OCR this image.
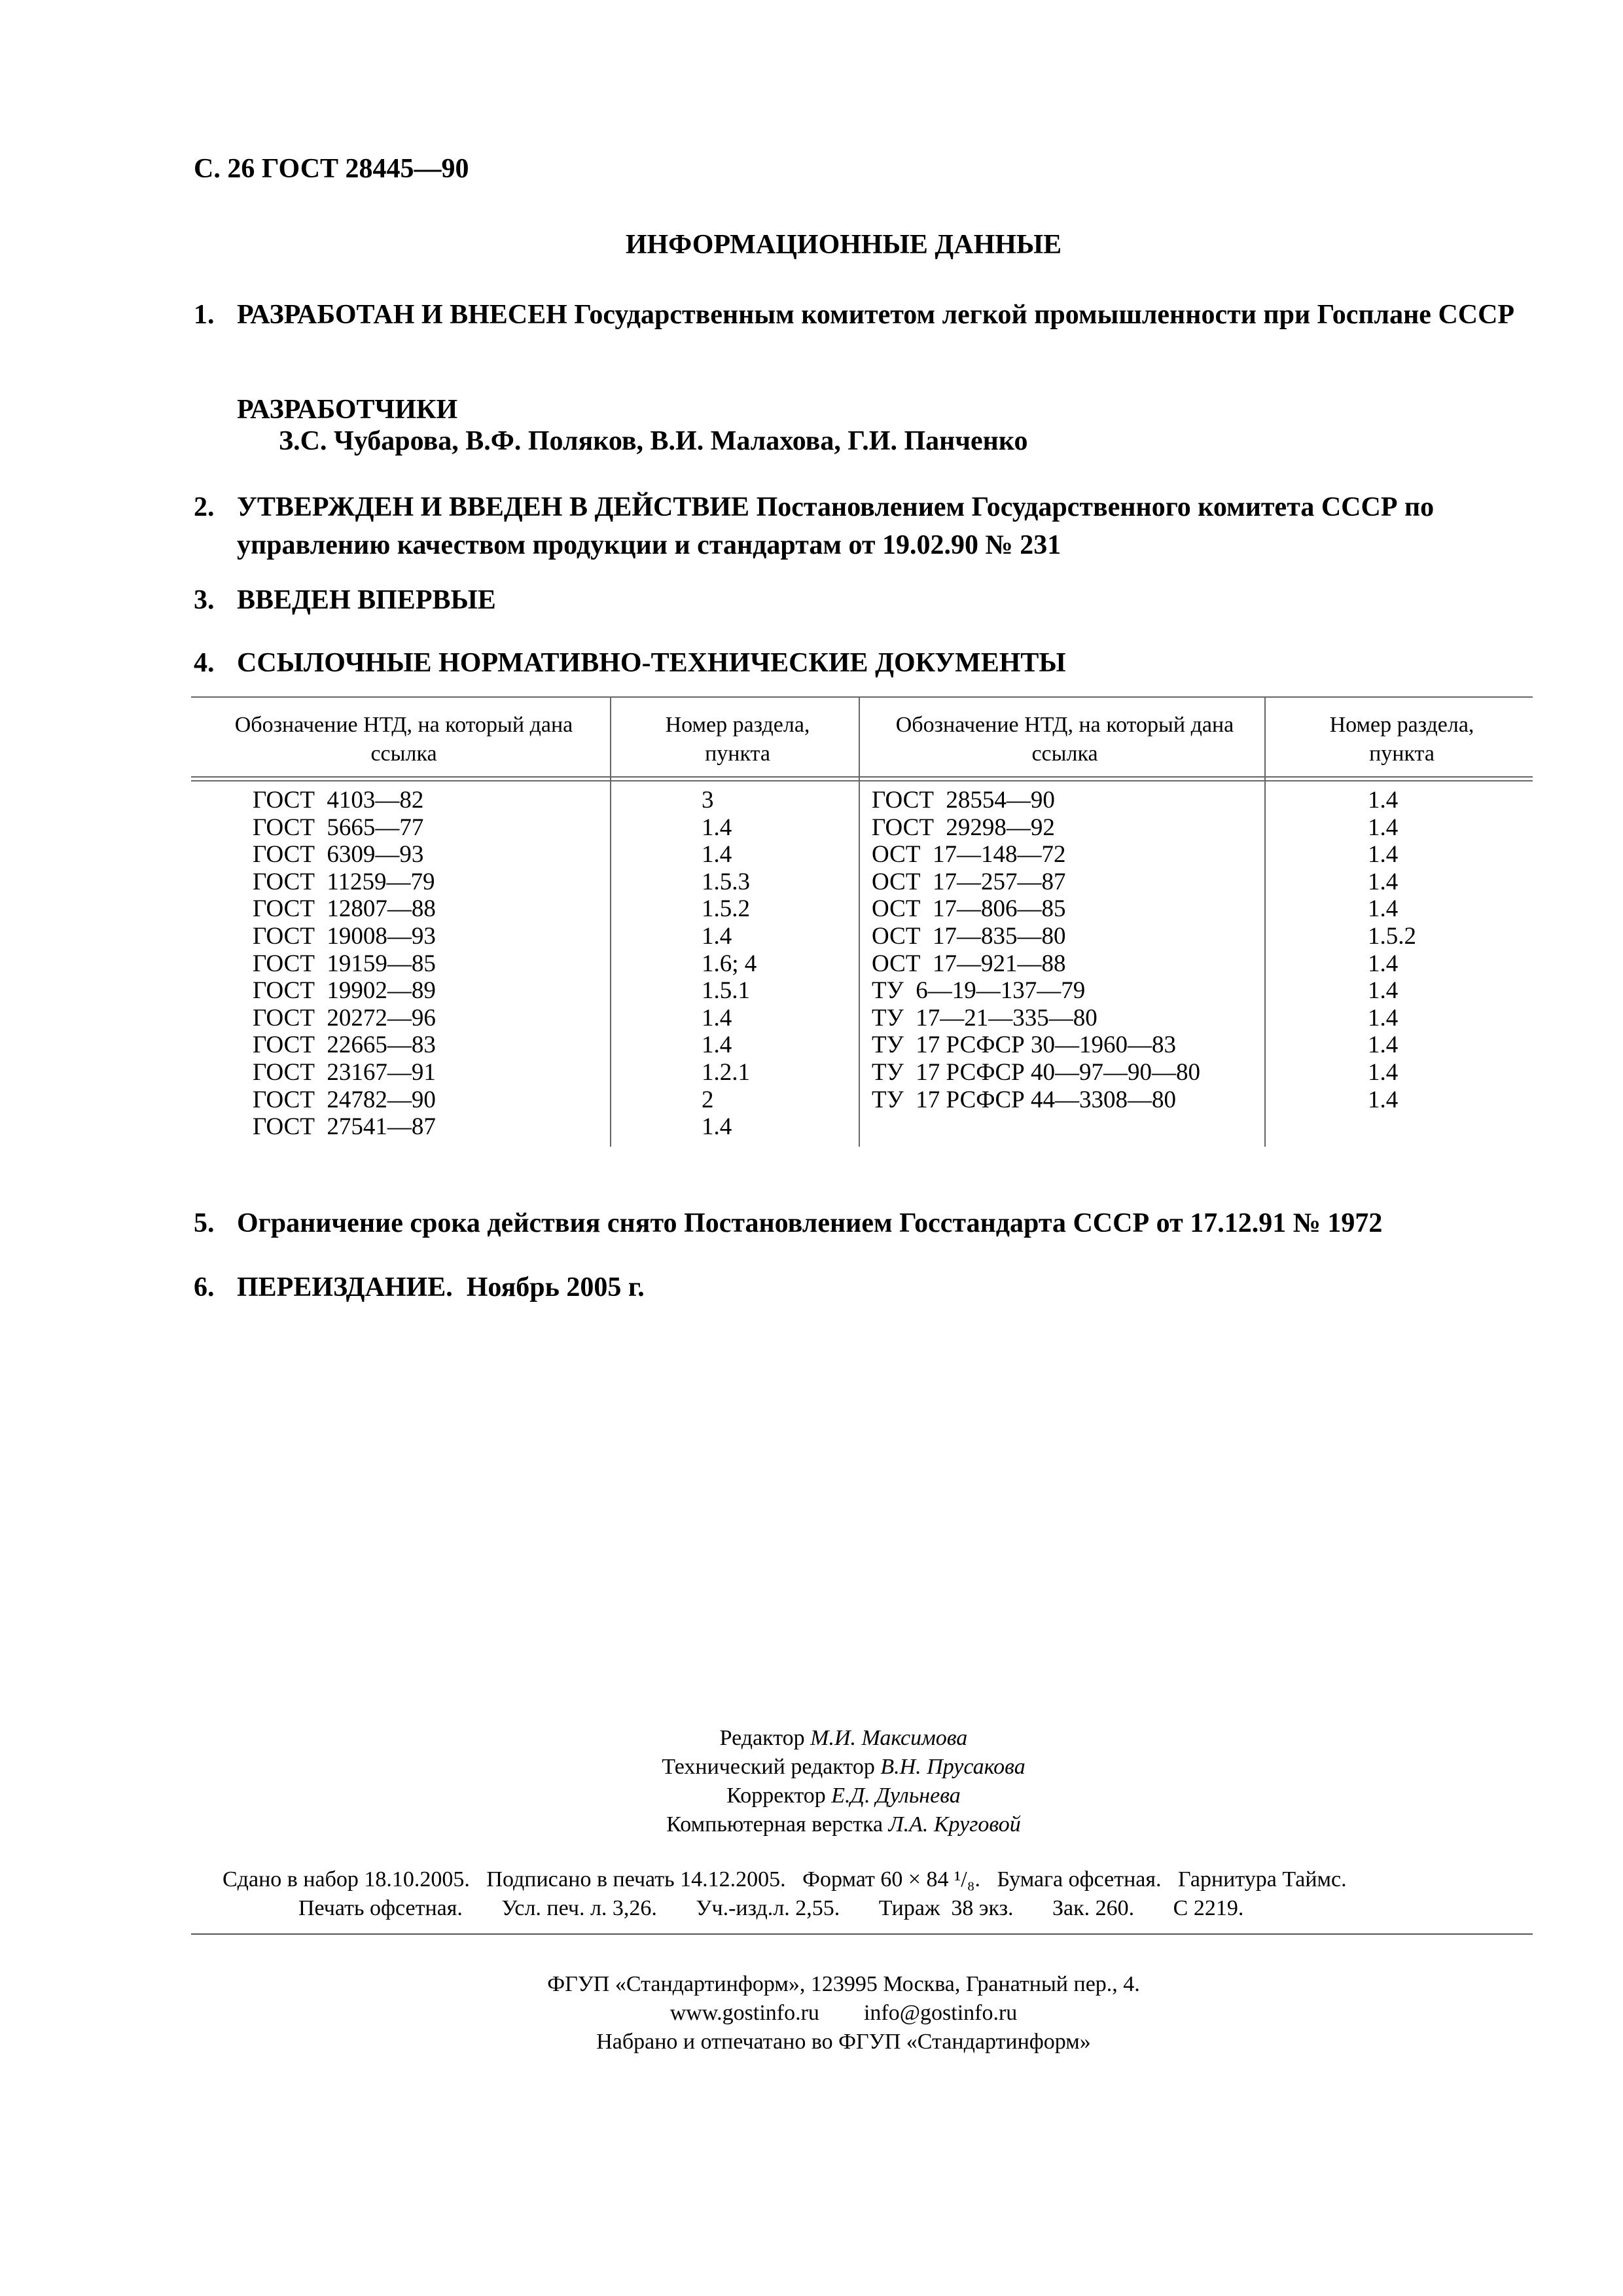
С. 26 ГОСТ 28445—90
ИНФОРМАЦИОННЫЕ ДАННЫЕ
1. РАЗРАБОТАН И ВНЕСЕН Государственным комитетом легкой промышленности при Госплане СССР
РАЗРАБОТЧИКИ
З.С. Чубарова, В.Ф. Поляков, В.И. Малахова, Г.И. Панченко
2. УТВЕРЖДЕН И ВВЕДЕН В ДЕЙСТВИЕ Постановлением Государственного комитета СССР по управлению качеством продукции и стандартам от 19.02.90 № 231
3. ВВЕДЕН ВПЕРВЫЕ
4. ССЫЛОЧНЫЕ НОРМАТИВНО-ТЕХНИЧЕСКИЕ ДОКУМЕНТЫ
Обозначение НТД, на который дана ссылка
Номер раздела, пункта
Обозначение НТД, на который дана ссылка
Номер раздела, пункта
ГОСТ  4103—82
ГОСТ  5665—77
ГОСТ  6309—93
ГОСТ  11259—79
ГОСТ  12807—88
ГОСТ  19008—93
ГОСТ  19159—85
ГОСТ  19902—89
ГОСТ  20272—96
ГОСТ  22665—83
ГОСТ  23167—91
ГОСТ  24782—90
ГОСТ  27541—87
3
1.4
1.4
1.5.3
1.5.2
1.4
1.6; 4
1.5.1
1.4
1.4
1.2.1
2
1.4
ГОСТ  28554—90
ГОСТ  29298—92
ОСТ  17—148—72
ОСТ  17—257—87
ОСТ  17—806—85
ОСТ  17—835—80
ОСТ  17—921—88
ТУ  6—19—137—79
ТУ  17—21—335—80
ТУ  17 РСФСР 30—1960—83
ТУ  17 РСФСР 40—97—90—80
ТУ  17 РСФСР 44—3308—80
1.4
1.4
1.4
1.4
1.4
1.5.2
1.4
1.4
1.4
1.4
1.4
1.4
5. Ограничение срока действия снято Постановлением Госстандарта СССР от 17.12.91 № 1972
6. ПЕРЕИЗДАНИЕ. Ноябрь 2005 г.
Редактор М.И. Максимова
Технический редактор В.Н. Прусакова
Корректор Е.Д. Дульнева
Компьютерная верстка Л.А. Круговой
Сдано в набор 18.10.2005.   Подписано в печать 14.12.2005.   Формат 60 × 84 ¹/₈.   Бумага офсетная.   Гарнитура Таймс.
Печать офсетная.       Усл. печ. л. 3,26.       Уч.-изд.л. 2,55.       Тираж  38 экз.       Зак. 260.       С 2219.
ФГУП «Стандартинформ», 123995 Москва, Гранатный пер., 4.
www.gostinfo.ru info@gostinfo.ru
Набрано и отпечатано во ФГУП «Стандартинформ»
